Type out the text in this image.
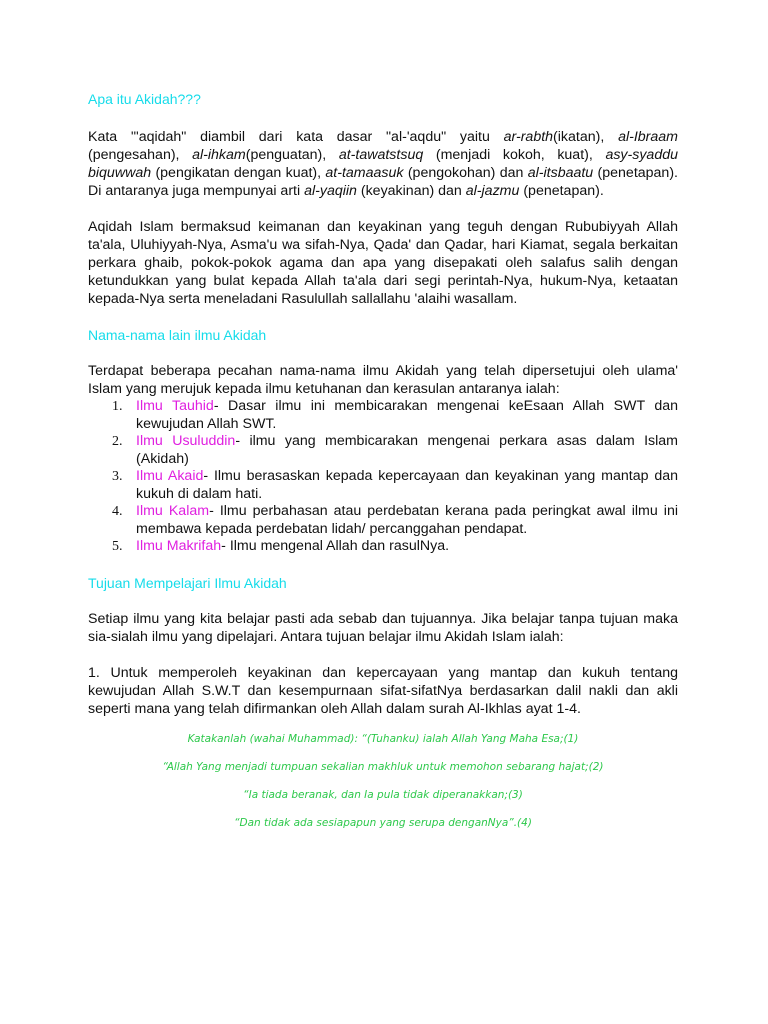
Apa itu Akidah???

Kata "'aqidah" diambil dari kata dasar "al-'aqdu" yaitu ar-rabth(ikatan), al-Ibraam (pengesahan), al-ihkam(penguatan), at-tawatstsuq (menjadi kokoh, kuat), asy-syaddu biquwwah (pengikatan dengan kuat), at-tamaasuk (pengokohan) dan al-itsbaatu (penetapan). Di antaranya juga mempunyai arti al-yaqiin (keyakinan) dan al-jazmu (penetapan).

Aqidah Islam bermaksud keimanan dan keyakinan yang teguh dengan Rububiyyah Allah ta'ala, Uluhiyyah-Nya, Asma'u wa sifah-Nya, Qada' dan Qadar, hari Kiamat, segala berkaitan perkara ghaib, pokok-pokok agama dan apa yang disepakati oleh salafus salih dengan ketundukkan yang bulat kepada Allah ta'ala dari segi perintah-Nya, hukum-Nya, ketaatan kepada-Nya serta meneladani Rasulullah sallallahu 'alaihi wasallam.

Nama-nama lain ilmu Akidah

Terdapat beberapa pecahan nama-nama ilmu Akidah yang telah dipersetujui oleh ulama' Islam yang merujuk kepada ilmu ketuhanan dan kerasulan antaranya ialah:

1. Ilmu Tauhid- Dasar ilmu ini membicarakan mengenai keEsaan Allah SWT dan kewujudan Allah SWT.
2. Ilmu Usuluddin- ilmu yang membicarakan mengenai perkara asas dalam Islam (Akidah)
3. Ilmu Akaid- Ilmu berasaskan kepada kepercayaan dan keyakinan yang mantap dan kukuh di dalam hati.
4. Ilmu Kalam- Ilmu perbahasan atau perdebatan kerana pada peringkat awal ilmu ini membawa kepada perdebatan lidah/ percanggahan pendapat.
5. Ilmu Makrifah- Ilmu mengenal Allah dan rasulNya.
Tujuan Mempelajari Ilmu Akidah

Setiap ilmu yang kita belajar pasti ada sebab dan tujuannya. Jika belajar tanpa tujuan maka sia-sialah ilmu yang dipelajari. Antara tujuan belajar ilmu Akidah Islam ialah:

1. Untuk memperoleh keyakinan dan kepercayaan yang mantap dan kukuh tentang kewujudan Allah S.W.T dan kesempurnaan sifat-sifatNya berdasarkan dalil nakli dan akli seperti mana yang telah difirmankan oleh Allah dalam surah Al-Ikhlas ayat 1-4.

Katakanlah (wahai Muhammad): “(Tuhanku) ialah Allah Yang Maha Esa;(1)
“Allah Yang menjadi tumpuan sekalian makhluk untuk memohon sebarang hajat;(2)
“Ia tiada beranak, dan Ia pula tidak diperanakkan;(3)
“Dan tidak ada sesiapapun yang serupa denganNya”.(4)
